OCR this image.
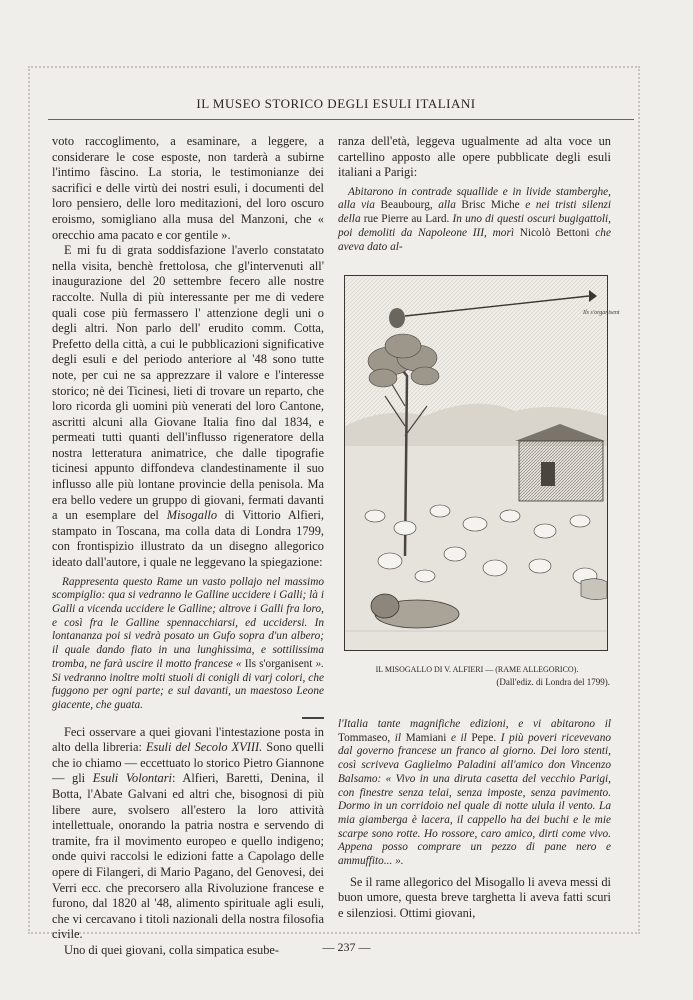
IL MUSEO STORICO DEGLI ESULI ITALIANI

voto raccoglimento, a esaminare, a leggere, a considerare le cose esposte, non tarderà a subirne l'intimo fàscino. La storia, le testimonianze dei sacrifici e delle virtù dei nostri esuli, i documenti del loro pensiero, delle loro meditazioni, del loro oscuro eroismo, somigliano alla musa del Manzoni, che « orecchio ama pacato e cor gentile ».

E mi fu di grata soddisfazione l'averlo constatato nella visita, benchè frettolosa, che gl'intervenuti all' inaugurazione del 20 settembre fecero alle nostre raccolte. Nulla di più interessante per me di vedere quali cose più fermassero l' attenzione degli uni o degli altri. Non parlo dell' erudito comm. Cotta, Prefetto della città, a cui le pubblicazioni significative degli esuli e del periodo anteriore al '48 sono tutte note, per cui ne sa apprezzare il valore e l'interesse storico; nè dei Ticinesi, lieti di trovare un reparto, che loro ricorda gli uomini più venerati del loro Cantone, ascritti alcuni alla Giovane Italia fino dal 1834, e permeati tutti quanti dell'influsso rigeneratore della nostra letteratura animatrice, che dalle tipografie ticinesi appunto diffondeva clandestinamente il suo influsso alle più lontane provincie della penisola. Ma era bello vedere un gruppo di giovani, fermati davanti a un esemplare del Misogallo di Vittorio Alfieri, stampato in Toscana, ma colla data di Londra 1799, con frontispizio illustrato da un disegno allegorico ideato dall'autore, i quale ne leggevano la spiegazione:

Rappresenta questo Rame un vasto pollajo nel massimo scompiglio: qua si vedranno le Galline uccidere i Galli; là i Galli a vicenda uccidere le Galline; altrove i Galli fra loro, e così fra le Galline spennacchiarsi, ed uccidersi. In lontananza poi si vedrà posato un Gufo sopra d'un albero; il quale dando fiato in una lunghissima, e sottilissima tromba, ne farà uscire il motto francese « Ils s'organisent ». Si vedranno inoltre molti stuoli di conigli di varj colori, che fuggono per ogni parte; e sul davanti, un maestoso Leone giacente, che guata.

Feci osservare a quei giovani l'intestazione posta in alto della libreria: Esuli del Secolo XVIII. Sono quelli che io chiamo — eccettuato lo storico Pietro Giannone — gli Esuli Volontari: Alfieri, Baretti, Denina, il Botta, l'Abate Galvani ed altri che, bisognosi di più libere aure, svolsero all'estero la loro attività intellettuale, onorando la patria nostra e servendo di tramite, fra il movimento europeo e quello indigeno; onde quivi raccolsi le edizioni fatte a Capolago delle opere di Filangeri, di Mario Pagano, del Genovesi, dei Verri ecc. che precorsero alla Rivoluzione francese e furono, dal 1820 al '48, alimento spirituale agli esuli, che vi cercavano i titoli nazionali della nostra filosofia civile.

Uno di quei giovani, colla simpatica esube-

ranza dell'età, leggeva ugualmente ad alta voce un cartellino apposto alle opere pubblicate degli esuli italiani a Parigi:

Abitarono in contrade squallide e in livide stamberghe, alla via Beaubourg, alla Brisc Miche e nei tristi silenzi della rue Pierre au Lard. In uno di questi oscuri bugigattoli, poi demoliti da Napoleone III, morì Nicolò Bettoni che aveva dato al-

Ils s'organisent
IL MISOGALLO DI V. ALFIERI — (RAME ALLEGORICO).
(Dall'ediz. di Londra del 1799).

l'Italia tante magnifiche edizioni, e vi abitarono il Tommaseo, il Mamiani e il Pepe. I più poveri ricevevano dal governo francese un franco al giorno. Dei loro stenti, così scriveva Gaglielmo Paladini all'amico don Vincenzo Balsamo: « Vivo in una diruta casetta del vecchio Parigi, con finestre senza telai, senza imposte, senza pavimento. Dormo in un corridoio nel quale di notte ulula il vento. La mia giamberga è lacera, il cappello ha dei buchi e le mie scarpe sono rotte. Ho rossore, caro amico, dirti come vivo. Appena posso comprare un pezzo di pane nero e ammuffito... ».

Se il rame allegorico del Misogallo li aveva messi di buon umore, questa breve targhetta li aveva fatti scuri e silenziosi. Ottimi giovani,

— 237 —
